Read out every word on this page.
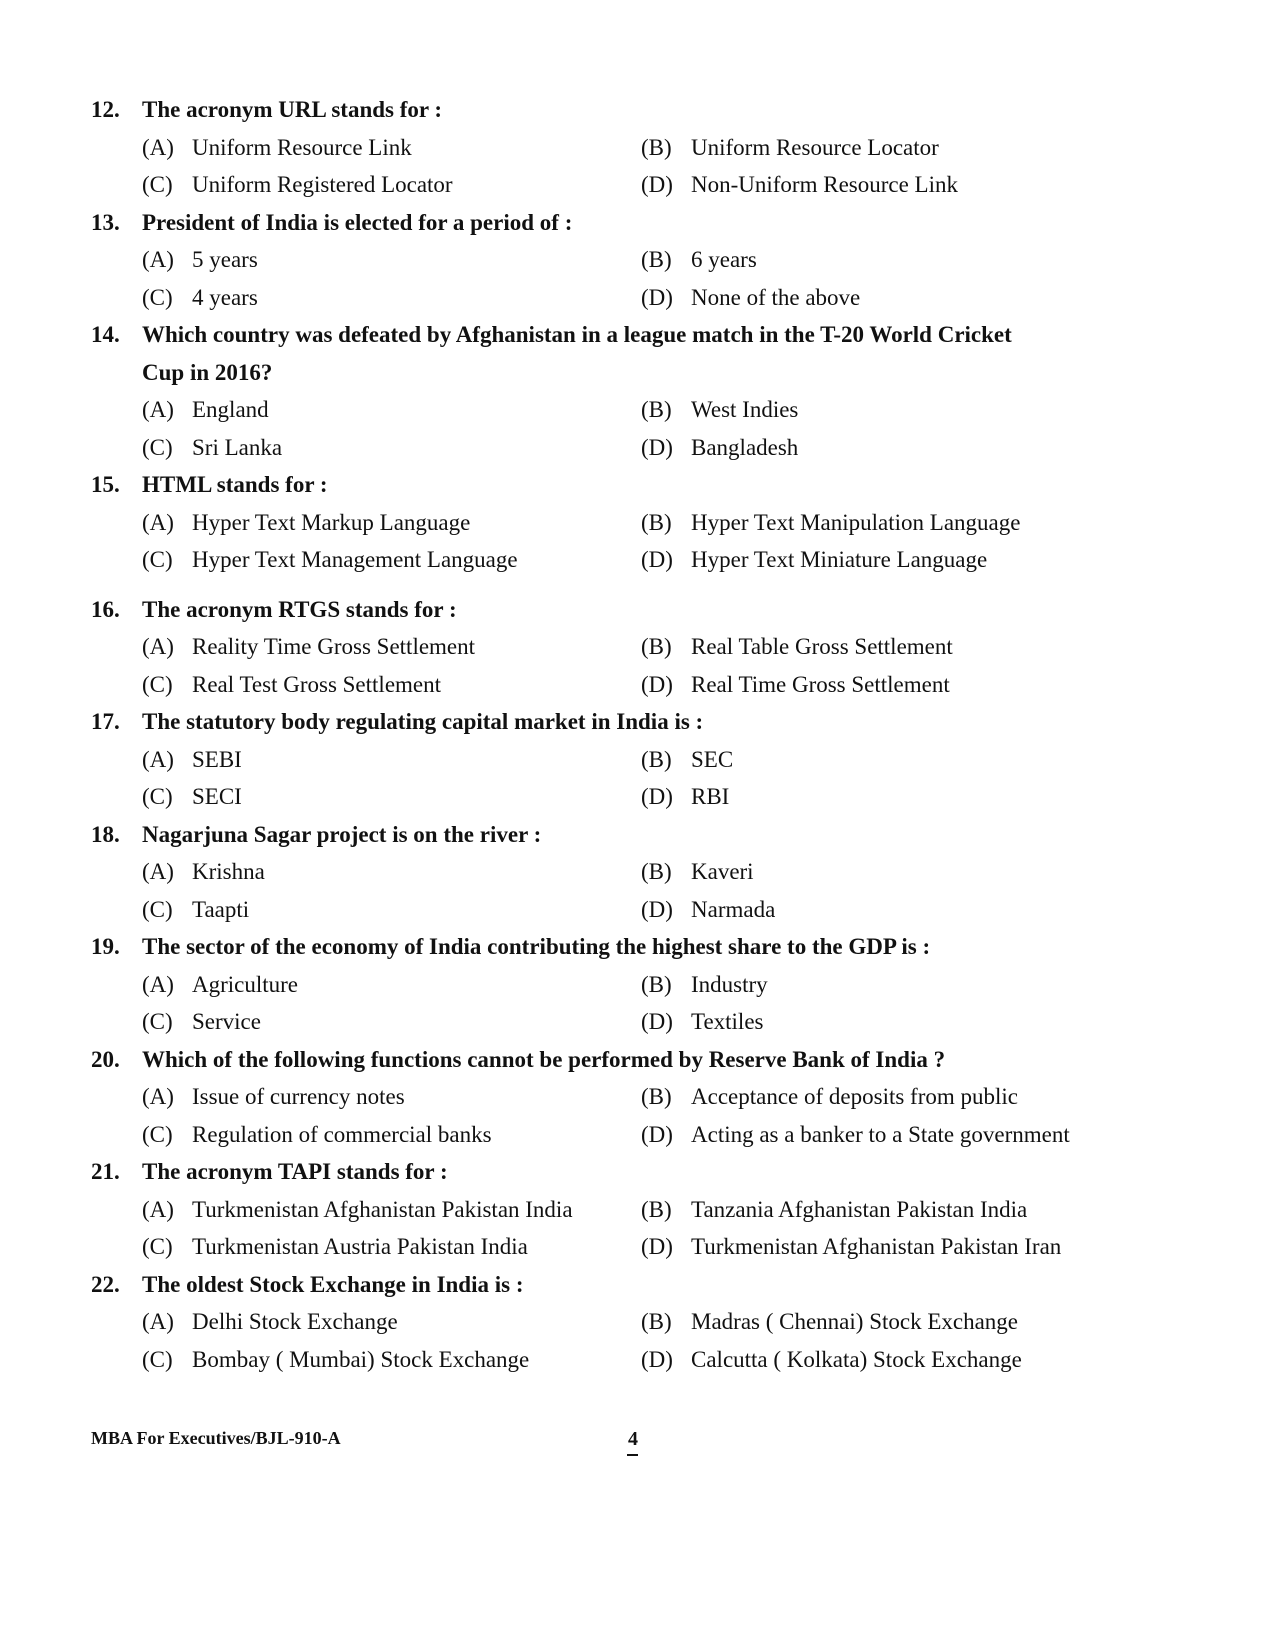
12. The acronym URL stands for :
(A) Uniform Resource Link	(B) Uniform Resource Locator
(C) Uniform Registered Locator	(D) Non-Uniform Resource Link
13. President of India is elected for a period of :
(A) 5 years	(B) 6 years
(C) 4 years	(D) None of the above
14. Which country was defeated by Afghanistan in a league match in the T-20 World Cricket Cup in 2016?
(A) England	(B) West Indies
(C) Sri Lanka	(D) Bangladesh
15. HTML stands for :
(A) Hyper Text Markup Language	(B) Hyper Text Manipulation Language
(C) Hyper Text Management Language	(D) Hyper Text Miniature Language
16. The acronym RTGS stands for :
(A) Reality Time Gross Settlement	(B) Real Table Gross Settlement
(C) Real Test Gross Settlement	(D) Real Time Gross Settlement
17. The statutory body regulating capital market in India is :
(A) SEBI	(B) SEC
(C) SECI	(D) RBI
18. Nagarjuna Sagar project is on the river :
(A) Krishna	(B) Kaveri
(C) Taapti	(D) Narmada
19. The sector of the economy of India contributing the highest share to the GDP is :
(A) Agriculture	(B) Industry
(C) Service	(D) Textiles
20. Which of the following functions cannot be performed by Reserve Bank of India ?
(A) Issue of currency notes	(B) Acceptance of deposits from public
(C) Regulation of commercial banks	(D) Acting as a banker to a State government
21. The acronym TAPI stands for :
(A) Turkmenistan Afghanistan Pakistan India	(B) Tanzania Afghanistan Pakistan India
(C) Turkmenistan Austria Pakistan India	(D) Turkmenistan Afghanistan Pakistan Iran
22. The oldest Stock Exchange in India is :
(A) Delhi Stock Exchange	(B) Madras ( Chennai) Stock Exchange
(C) Bombay ( Mumbai) Stock Exchange	(D) Calcutta ( Kolkata) Stock Exchange
MBA For Executives/BJL-910-A	4
